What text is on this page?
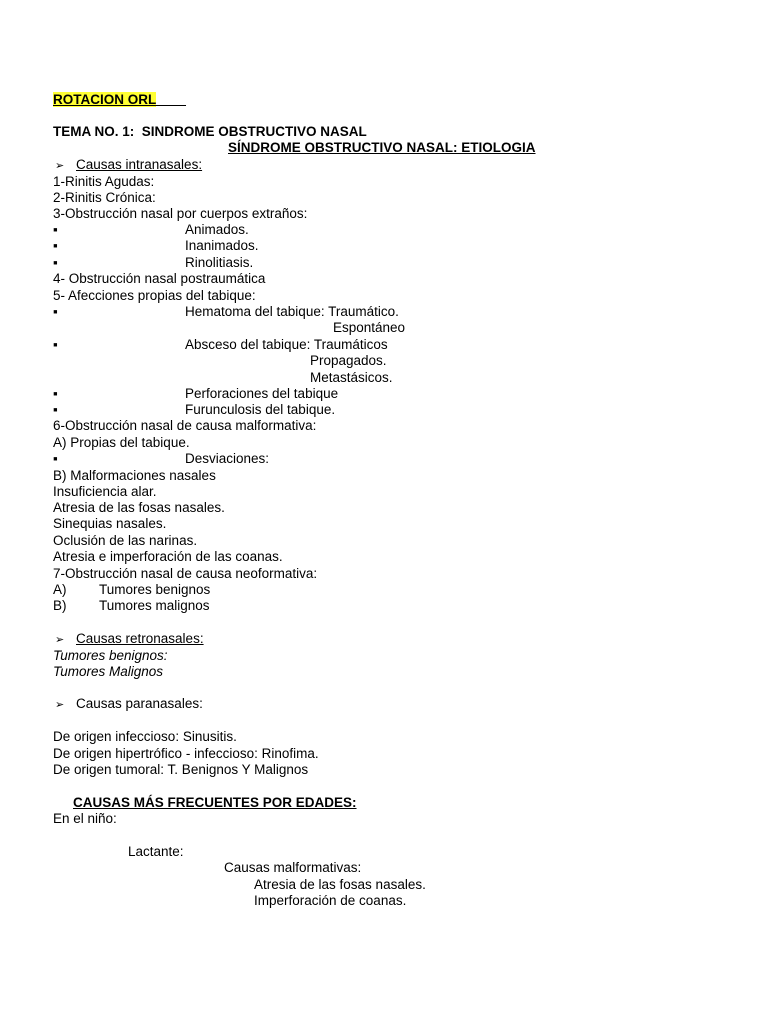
ROTACION ORL
TEMA NO. 1:  SINDROME OBSTRUCTIVO NASAL
SÍNDROME OBSTRUCTIVO NASAL: ETIOLOGIA
➢ Causas intranasales:
1-Rinitis Agudas:
2-Rinitis Crónica:
3-Obstrucción nasal por cuerpos extraños:
▪	Animados.
▪	Inanimados.
▪	Rinolitiasis.
4- Obstrucción nasal postraumática
5- Afecciones propias del tabique:
▪	Hematoma del tabique: Traumático.
Espontáneo
▪	Absceso del tabique: Traumáticos
Propagados.
Metastásicos.
▪	Perforaciones del tabique
▪	Furunculosis del tabique.
6-Obstrucción nasal de causa malformativa:
A) Propias del tabique.
▪	Desviaciones:
B) Malformaciones nasales
Insuficiencia alar.
Atresia de las fosas nasales.
Sinequias nasales.
Oclusión de las narinas.
Atresia e imperforación de las coanas.
7-Obstrucción nasal de causa neoformativa:
A) Tumores benignos
B) Tumores malignos
➢ Causas retronasales:
Tumores benignos:
Tumores Malignos
➢ Causas paranasales:
De origen infeccioso: Sinusitis.
De origen hipertrófico - infeccioso: Rinofima.
De origen tumoral: T. Benignos Y Malignos
CAUSAS MÁS FRECUENTES POR EDADES:
En el niño:
Lactante:
Causas malformativas:
Atresia de las fosas nasales.
Imperforación de coanas.
